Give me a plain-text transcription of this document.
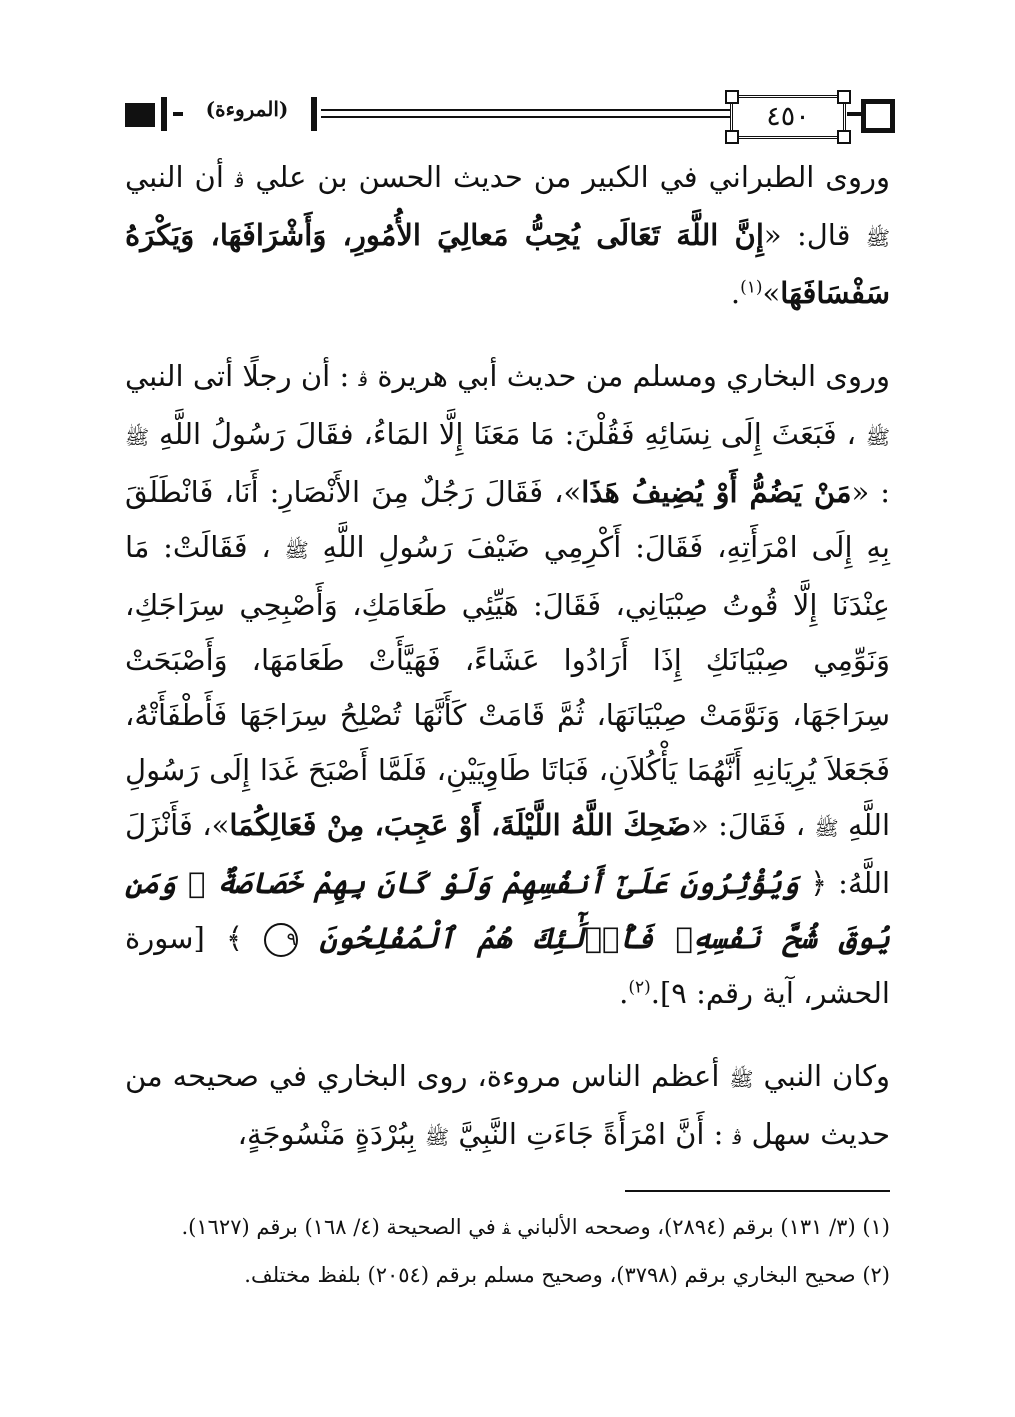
(المروءة)	٤٥٠

وروى الطبراني في الكبير من حديث الحسن بن علي ﭬ أن النبي ﷺ قال: «إِنَّ اللَّهَ تَعَالَى يُحِبُّ مَعالِيَ الأُمُورِ، وَأَشْرَافَهَا، وَيَكْرَهُ سَفْسَافَهَا»$^{(١)}$.

وروى البخاري ومسلم من حديث أبي هريرة ﭬ : أن رجلًا أتى النبي ﷺ ، فَبَعَثَ إِلَى نِسَائِهِ فَقُلْنَ: مَا مَعَنَا إِلَّا المَاءُ، فقَالَ رَسُولُ اللَّهِ ﷺ : «مَنْ يَضُمُّ أَوْ يُضِيفُ هَذَا»، فَقَالَ رَجُلٌ مِنَ الأَنْصَارِ: أَنَا، فَانْطَلَقَ بِهِ إِلَى امْرَأَتِهِ، فَقَالَ: أَكْرِمِي ضَيْفَ رَسُولِ اللَّهِ ﷺ ، فَقَالَتْ: مَا عِنْدَنَا إِلَّا قُوتُ صِبْيَانِي، فَقَالَ: هَيِّئِي طَعَامَكِ، وَأَصْبِحِي سِرَاجَكِ، وَنَوِّمِي صِبْيَانَكِ إِذَا أَرَادُوا عَشَاءً، فَهَيَّأَتْ طَعَامَهَا، وَأَصْبَحَتْ سِرَاجَهَا، وَنَوَّمَتْ صِبْيَانَهَا، ثُمَّ قَامَتْ كَأَنَّهَا تُصْلِحُ سِرَاجَهَا فَأَطْفَأَتْهُ، فَجَعَلاَ يُرِيَانِهِ أَنَّهُمَا يَأْكُلاَنِ، فَبَاتَا طَاوِيَيْنِ، فَلَمَّا أَصْبَحَ غَدَا إِلَى رَسُولِ اللَّهِ ﷺ ، فَقَالَ: «ضَحِكَ اللَّهُ اللَّيْلَةَ، أَوْ عَجِبَ، مِنْ فَعَالِكُمَا»، فَأَنْزَلَ اللَّهُ: ﴿ وَيُؤْثِرُونَ عَلَىٰٓ أَنفُسِهِمْ وَلَوْ كَانَ بِهِمْ خَصَاصَةٌ ۚ وَمَن يُوقَ شُحَّ نَفْسِهِۦ فَأُو۟لَٰٓئِكَ هُمُ ٱلْمُفْلِحُونَ ٩ ﴾ [سورة الحشر، آية رقم: ٩].$^{(٢)}$.

وكان النبي ﷺ أعظم الناس مروءة، روى البخاري في صحيحه من حديث سهل ﭬ : أَنَّ امْرَأَةً جَاءَتِ النَّبِيَّ ﷺ بِبُرْدَةٍ مَنْسُوجَةٍ،

(١) (٣/ ١٣١) برقم (٢٨٩٤)، وصححه الألباني ﭭ في الصحيحة (٤/ ١٦٨) برقم (١٦٢٧).

(٢) صحيح البخاري برقم (٣٧٩٨)، وصحيح مسلم برقم (٢٠٥٤) بلفظ مختلف.
